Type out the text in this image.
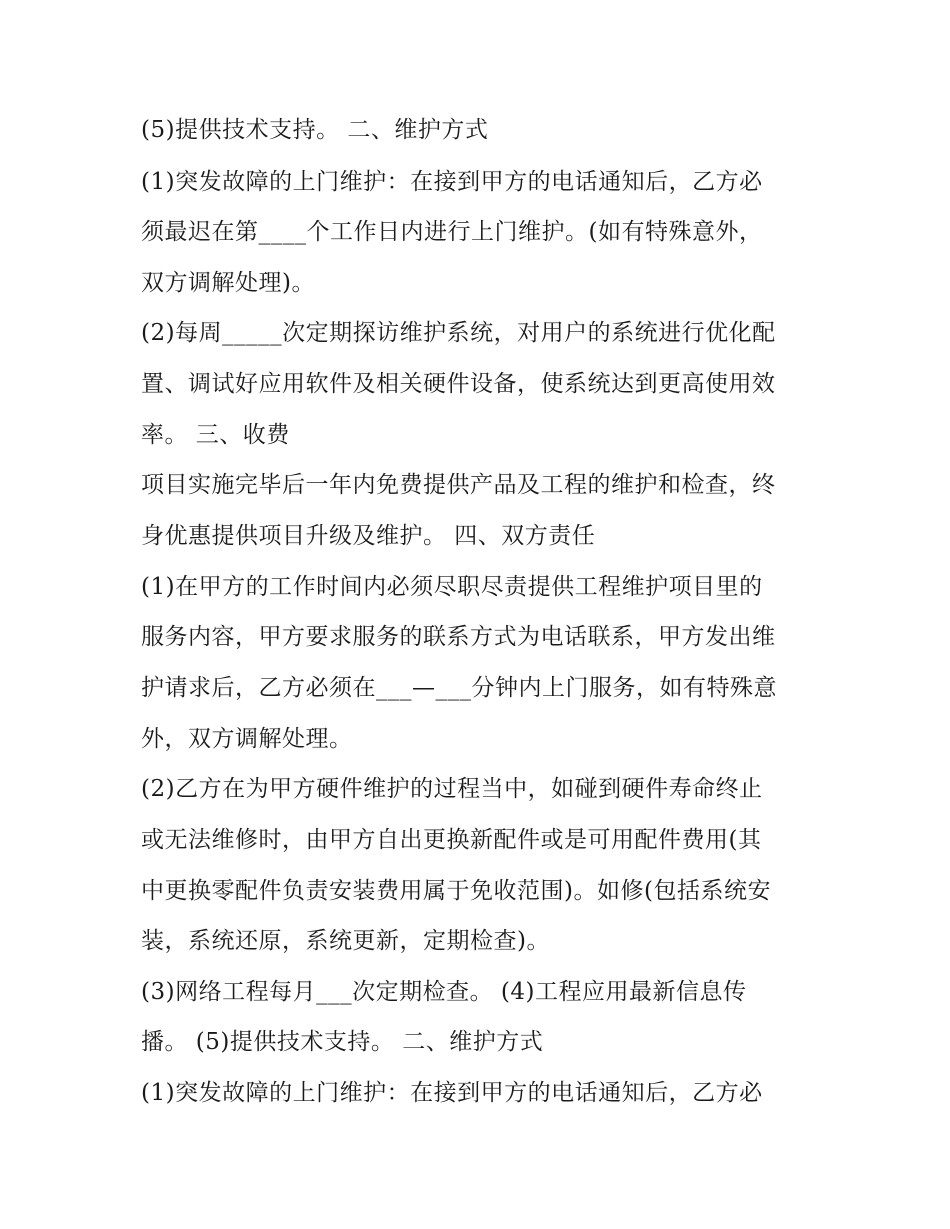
(5)提供技术支持。 二、维护方式
(1)突发故障的上门维护：在接到甲方的电话通知后，乙方必
须最迟在第____个工作日内进行上门维护。(如有特殊意外，
双方调解处理)。
(2)每周_____次定期探访维护系统，对用户的系统进行优化配
置、调试好应用软件及相关硬件设备，使系统达到更高使用效
率。 三、收费
项目实施完毕后一年内免费提供产品及工程的维护和检查，终
身优惠提供项目升级及维护。 四、双方责任
(1)在甲方的工作时间内必须尽职尽责提供工程维护项目里的
服务内容，甲方要求服务的联系方式为电话联系，甲方发出维
护请求后，乙方必须在___—___分钟内上门服务，如有特殊意
外，双方调解处理。
(2)乙方在为甲方硬件维护的过程当中，如碰到硬件寿命终止
或无法维修时，由甲方自出更换新配件或是可用配件费用(其
中更换零配件负责安装费用属于免收范围)。如修(包括系统安
装，系统还原，系统更新，定期检查)。
(3)网络工程每月___次定期检查。 (4)工程应用最新信息传
播。 (5)提供技术支持。 二、维护方式
(1)突发故障的上门维护：在接到甲方的电话通知后，乙方必
